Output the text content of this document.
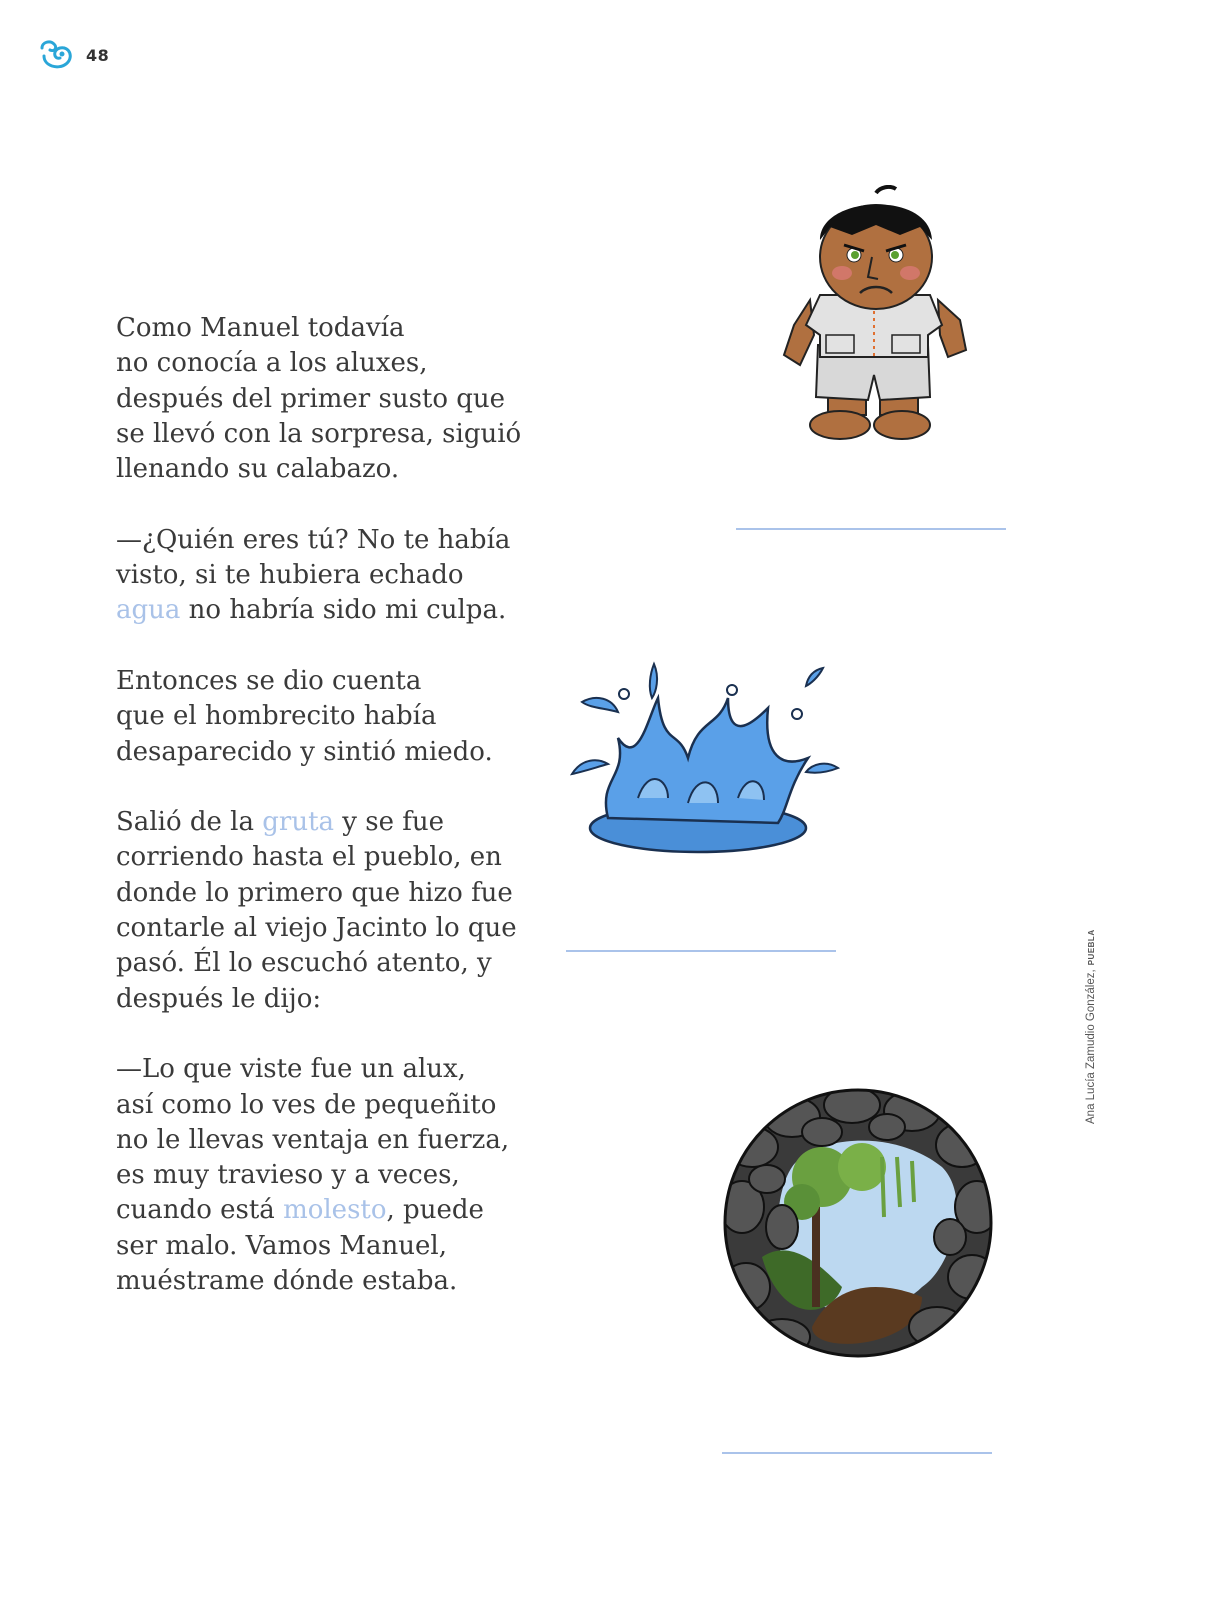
48

Como Manuel todavía
no conocía a los aluxes,
después del primer susto que
se llevó con la sorpresa, siguió
llenando su calabazo.

—¿Quién eres tú? No te había
visto, si te hubiera echado
agua no habría sido mi culpa.

Entonces se dio cuenta
que el hombrecito había
desaparecido y sintió miedo.

Salió de la gruta y se fue
corriendo hasta el pueblo, en
donde lo primero que hizo fue
contarle al viejo Jacinto lo que
pasó. Él lo escuchó atento, y
después le dijo:

—Lo que viste fue un alux,
así como lo ves de pequeñito
no le llevas ventaja en fuerza,
es muy travieso y a veces,
cuando está molesto, puede
ser malo. Vamos Manuel,
muéstrame dónde estaba.

Ana Lucía Zamudio González,PUEBLA
